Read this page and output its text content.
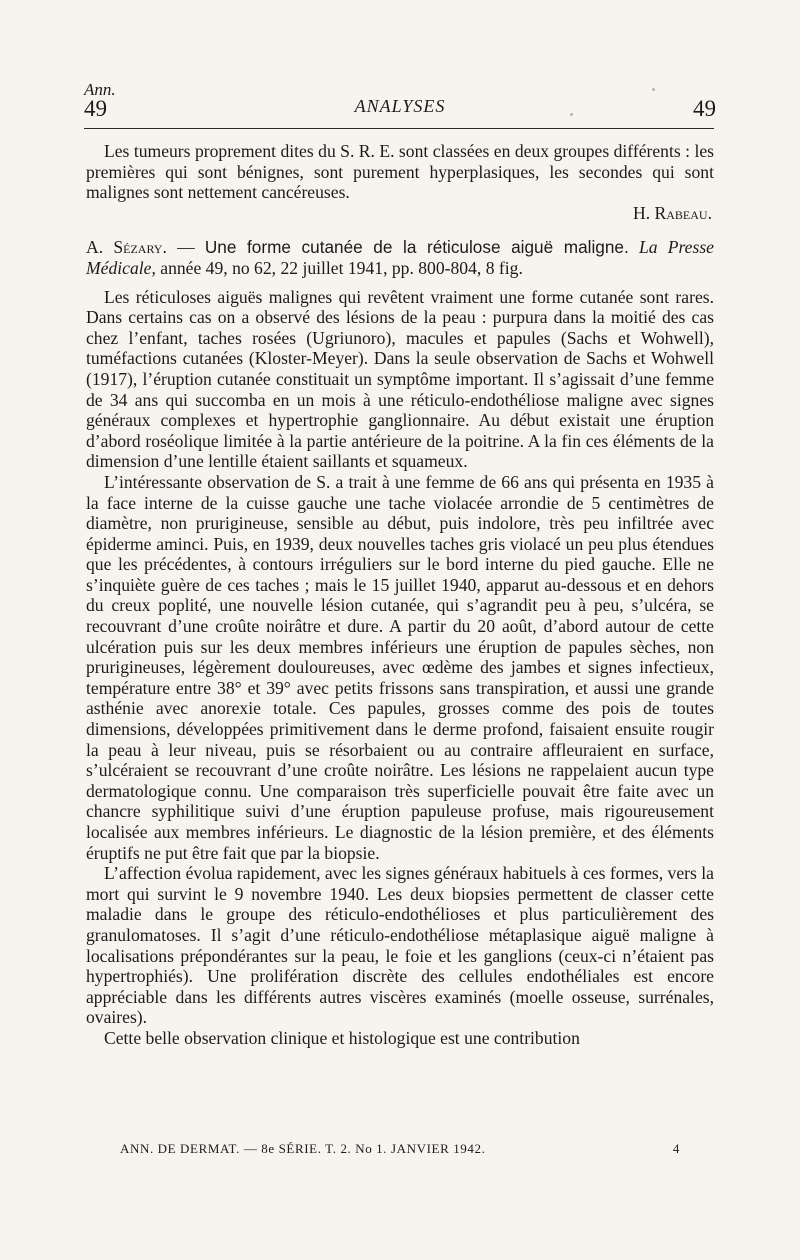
Ann.
49	ANALYSES	49

Les tumeurs proprement dites du S. R. E. sont classées en deux groupes différents : les premières qui sont bénignes, sont purement hyperplasiques, les secondes qui sont malignes sont nettement cancéreuses.

H. Rabeau.

A. Sézary. — Une forme cutanée de la réticulose aiguë maligne. La Presse Médicale, année 49, no 62, 22 juillet 1941, pp. 800-804, 8 fig.

Les réticuloses aiguës malignes qui revêtent vraiment une forme cutanée sont rares. Dans certains cas on a observé des lésions de la peau : purpura dans la moitié des cas chez l’enfant, taches rosées (Ugriunoro), macules et papules (Sachs et Wohwell), tuméfactions cutanées (Kloster-Meyer). Dans la seule observation de Sachs et Wohwell (1917), l’éruption cutanée constituait un symptôme important. Il s’agissait d’une femme de 34 ans qui succomba en un mois à une réticulo-endothéliose maligne avec signes généraux complexes et hypertrophie ganglionnaire. Au début existait une éruption d’abord roséolique limitée à la partie antérieure de la poitrine. A la fin ces éléments de la dimension d’une lentille étaient saillants et squameux.

L’intéressante observation de S. a trait à une femme de 66 ans qui présenta en 1935 à la face interne de la cuisse gauche une tache violacée arrondie de 5 centimètres de diamètre, non prurigineuse, sensible au début, puis indolore, très peu infiltrée avec épiderme aminci. Puis, en 1939, deux nouvelles taches gris violacé un peu plus étendues que les précédentes, à contours irréguliers sur le bord interne du pied gauche. Elle ne s’inquiète guère de ces taches ; mais le 15 juillet 1940, apparut au-dessous et en dehors du creux poplité, une nouvelle lésion cutanée, qui s’agrandit peu à peu, s’ulcéra, se recouvrant d’une croûte noirâtre et dure. A partir du 20 août, d’abord autour de cette ulcération puis sur les deux membres inférieurs une éruption de papules sèches, non prurigineuses, légèrement douloureuses, avec œdème des jambes et signes infectieux, température entre 38° et 39° avec petits frissons sans transpiration, et aussi une grande asthénie avec anorexie totale. Ces papules, grosses comme des pois de toutes dimensions, développées primitivement dans le derme profond, faisaient ensuite rougir la peau à leur niveau, puis se résorbaient ou au contraire affleuraient en surface, s’ulcéraient se recouvrant d’une croûte noirâtre. Les lésions ne rappelaient aucun type dermatologique connu. Une comparaison très superficielle pouvait être faite avec un chancre syphilitique suivi d’une éruption papuleuse profuse, mais rigoureusement localisée aux membres inférieurs. Le diagnostic de la lésion première, et des éléments éruptifs ne put être fait que par la biopsie.

L’affection évolua rapidement, avec les signes généraux habituels à ces formes, vers la mort qui survint le 9 novembre 1940. Les deux biopsies permettent de classer cette maladie dans le groupe des réticulo-endothélioses et plus particulièrement des granulomatoses. Il s’agit d’une réticulo-endothéliose métaplasique aiguë maligne à localisations prépondérantes sur la peau, le foie et les ganglions (ceux-ci n’étaient pas hypertrophiés). Une prolifération discrète des cellules endothéliales est encore appréciable dans les différents autres viscères examinés (moelle osseuse, surrénales, ovaires).

Cette belle observation clinique et histologique est une contribution

ANN. DE DERMAT. — 8e SÉRIE. T. 2. No 1. JANVIER 1942.	4
